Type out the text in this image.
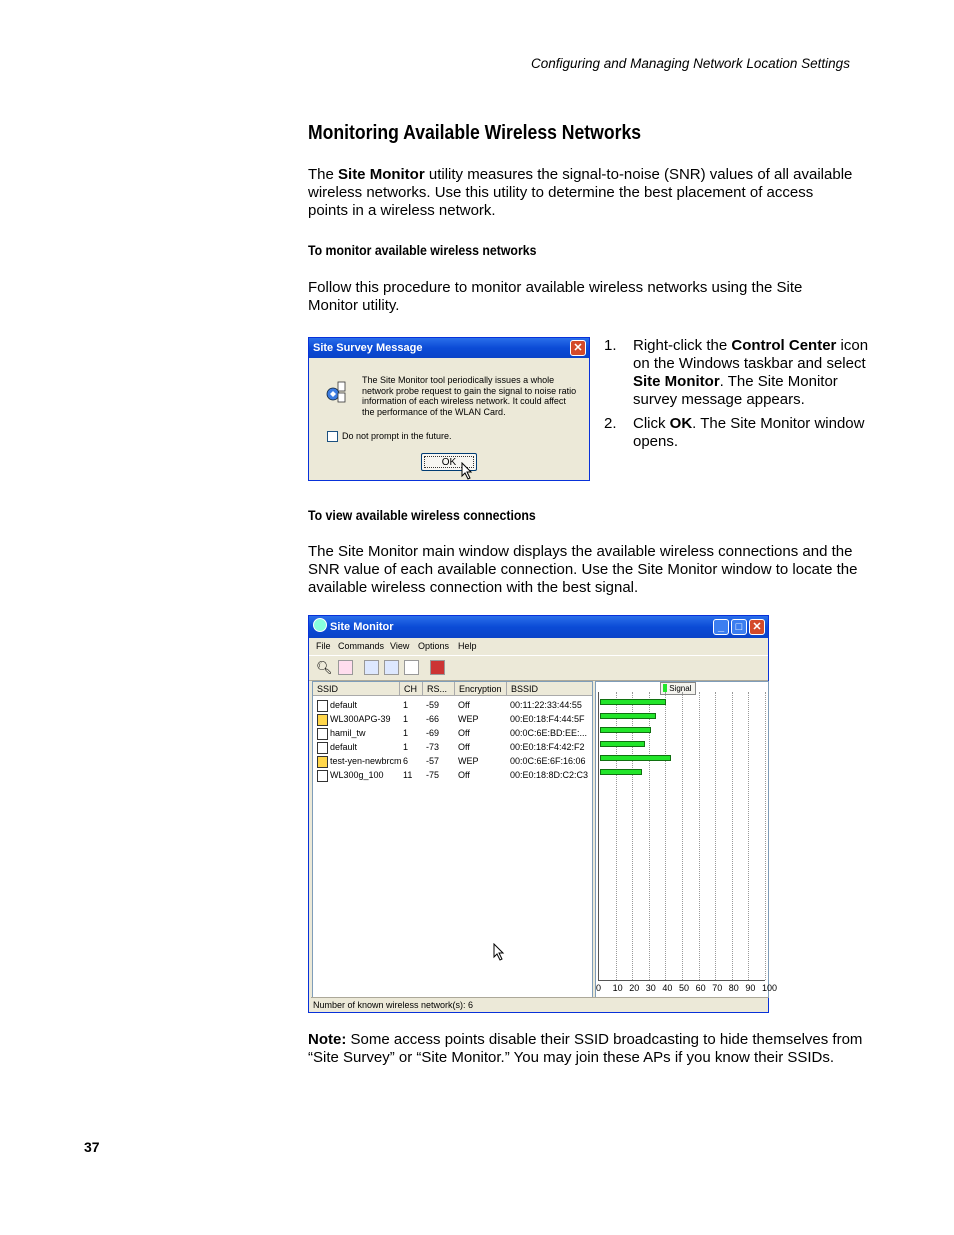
Configuring and Managing Network Location Settings
Monitoring Available Wireless Networks
The Site Monitor utility measures the signal-to-noise (SNR) values of all available wireless networks. Use this utility to determine the best placement of access points in a wireless network.
To monitor available wireless networks
Follow this procedure to monitor available wireless networks using the Site Monitor utility.
Site Survey Message	✕
The Site Monitor tool periodically issues a whole network probe request to gain the signal to noise ratio information of each wireless network. It could affect the performance of the WLAN Card.
Do not prompt in the future.
OK
1. Right-click the Control Center icon on the Windows taskbar and select Site Monitor. The Site Monitor survey message appears.
2. Click OK. The Site Monitor window opens.
To view available wireless connections
The Site Monitor main window displays the available wireless connections and the SNR value of each available connection. Use the Site Monitor window to locate the available wireless connection with the best signal.
Site Monitor	_	□ ✕
File Commands View Options Help
🔍︎
SSID	CH	RS...	Encryption	BSSID
default	1 -59 Off	00:11:22:33:44:55
WL300APG-39 1 -66 WEP	00:E0:18:F4:44:5F
hamil_tw	1 -69 Off	00:0C:6E:BD:EE:...
default	1 -73 Off	00:E0:18:F4:42:F2
test-yen-newbrcm 6 -57 WEP	00:0C:6E:6F:16:06
WL300g_100 11 -75 Off	00:E0:18:8D:C2:C3
Signal
0 10 20 30 40 50 60 70 80 90 100
Number of known wireless network(s): 6
Note: Some access points disable their SSID broadcasting to hide themselves from “Site Survey” or “Site Monitor.” You may join these APs if you know their SSIDs.
37
